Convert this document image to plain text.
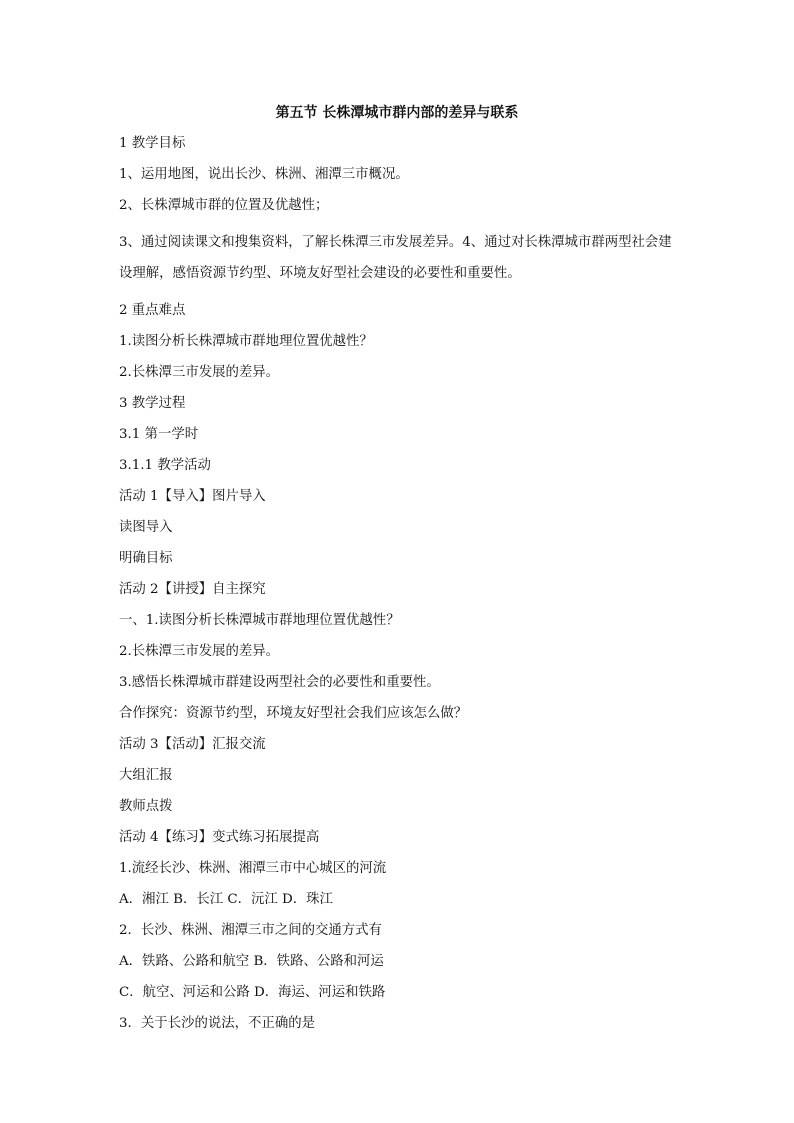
第五节 长株潭城市群内部的差异与联系
1 教学目标
1、运用地图，说出长沙、株洲、湘潭三市概况。
2、长株潭城市群的位置及优越性；
3、通过阅读课文和搜集资料，了解长株潭三市发展差异。4、通过对长株潭城市群两型社会建设理解，感悟资源节约型、环境友好型社会建设的必要性和重要性。
2 重点难点
1.读图分析长株潭城市群地理位置优越性？
2.长株潭三市发展的差异。
3 教学过程
3.1 第一学时
3.1.1 教学活动
活动 1【导入】图片导入
读图导入
明确目标
活动 2【讲授】自主探究
一、1.读图分析长株潭城市群地理位置优越性？
2.长株潭三市发展的差异。
3.感悟长株潭城市群建设两型社会的必要性和重要性。
合作探究：资源节约型，环境友好型社会我们应该怎么做？
活动 3【活动】汇报交流
大组汇报
教师点拨
活动 4【练习】变式练习拓展提高
1.流经长沙、株洲、湘潭三市中心城区的河流
A．湘江 B．长江 C．沅江 D．珠江
2．长沙、株洲、湘潭三市之间的交通方式有
A．铁路、公路和航空 B．铁路、公路和河运
C．航空、河运和公路 D．海运、河运和铁路
3．关于长沙的说法，不正确的是
